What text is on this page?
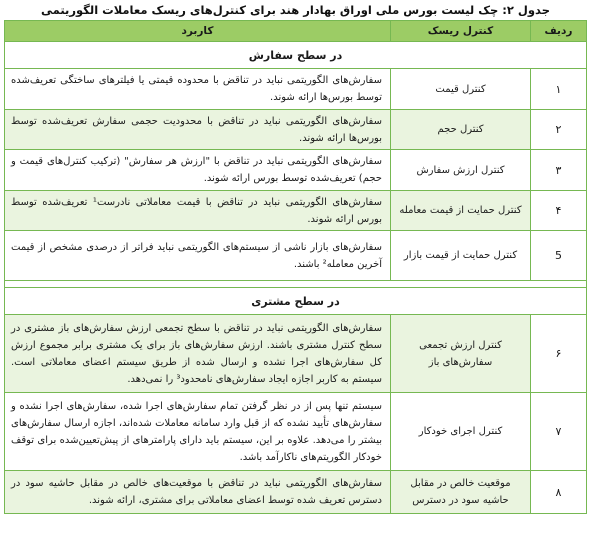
جدول ۲: چک لیست بورس ملی اوراق بهادار هند برای کنترل‌های ریسک معاملات الگوریتمی
ردیف	کنترل ریسک	کاربرد
در سطح سفارش		
۱	کنترل قیمت	سفارش‌های الگوریتمی نباید در تناقض با محدوده قیمتی یا فیلترهای ساختگی تعریف‌شده توسط بورس‌ها ارائه شوند.
۲	کنترل حجم	سفارش‌های الگوریتمی نباید در تناقض با محدودیت حجمی سفارش تعریف‌شده توسط بورس‌ها ارائه شوند.
۳	کنترل ارزش سفارش	سفارش‌های الگوریتمی نباید در تناقض با "ارزش هر سفارش" (ترکیب کنترل‌های قیمت و حجم) تعریف‌شده توسط بورس ارائه شوند.
۴	کنترل حمایت از قیمت معامله	سفارش‌های الگوریتمی نباید در تناقض با قیمت معاملاتی نادرست¹ تعریف‌شده توسط بورس ارائه شوند.
5	کنترل حمایت از قیمت بازار	سفارش‌های بازار ناشی از سیستم‌های الگوریتمی نباید فراتر از درصدی مشخص از قیمت آخرین معامله² باشند.

در سطح مشتری		
۶	کنترل ارزش تجمعی سفارش‌های باز	سفارش‌های الگوریتمی نباید در تناقض با سطح تجمعی ارزش سفارش‌های باز مشتری در سطح کنترل مشتری باشند. ارزش سفارش‌های باز برای یک مشتری برابر مجموع ارزش کل سفارش‌های اجرا نشده و ارسال شده از طریق سیستم اعضای معاملاتی است. سیستم به کاربر اجازه ایجاد سفارش‌های نامحدود³ را نمی‌دهد.
۷	کنترل اجرای خودکار	سیستم تنها پس از در نظر گرفتن تمام سفارش‌های اجرا شده، سفارش‌های اجرا نشده و سفارش‌های تأیید نشده که از قبل وارد سامانه معاملات شده‌اند، اجازه ارسال سفارش‌های بیشتر را می‌دهد. علاوه بر این، سیستم باید دارای پارامترهای از پیش‌تعیین‌شده برای توقف خودکار الگوریتم‌های ناکارآمد باشد.
۸	موقعیت خالص در مقابل حاشیه سود در دسترس	سفارش‌های الگوریتمی نباید در تناقض با موقعیت‌های خالص در مقابل حاشیه سود در دسترس تعریف شده توسط اعضای معاملاتی برای مشتری، ارائه شوند.
